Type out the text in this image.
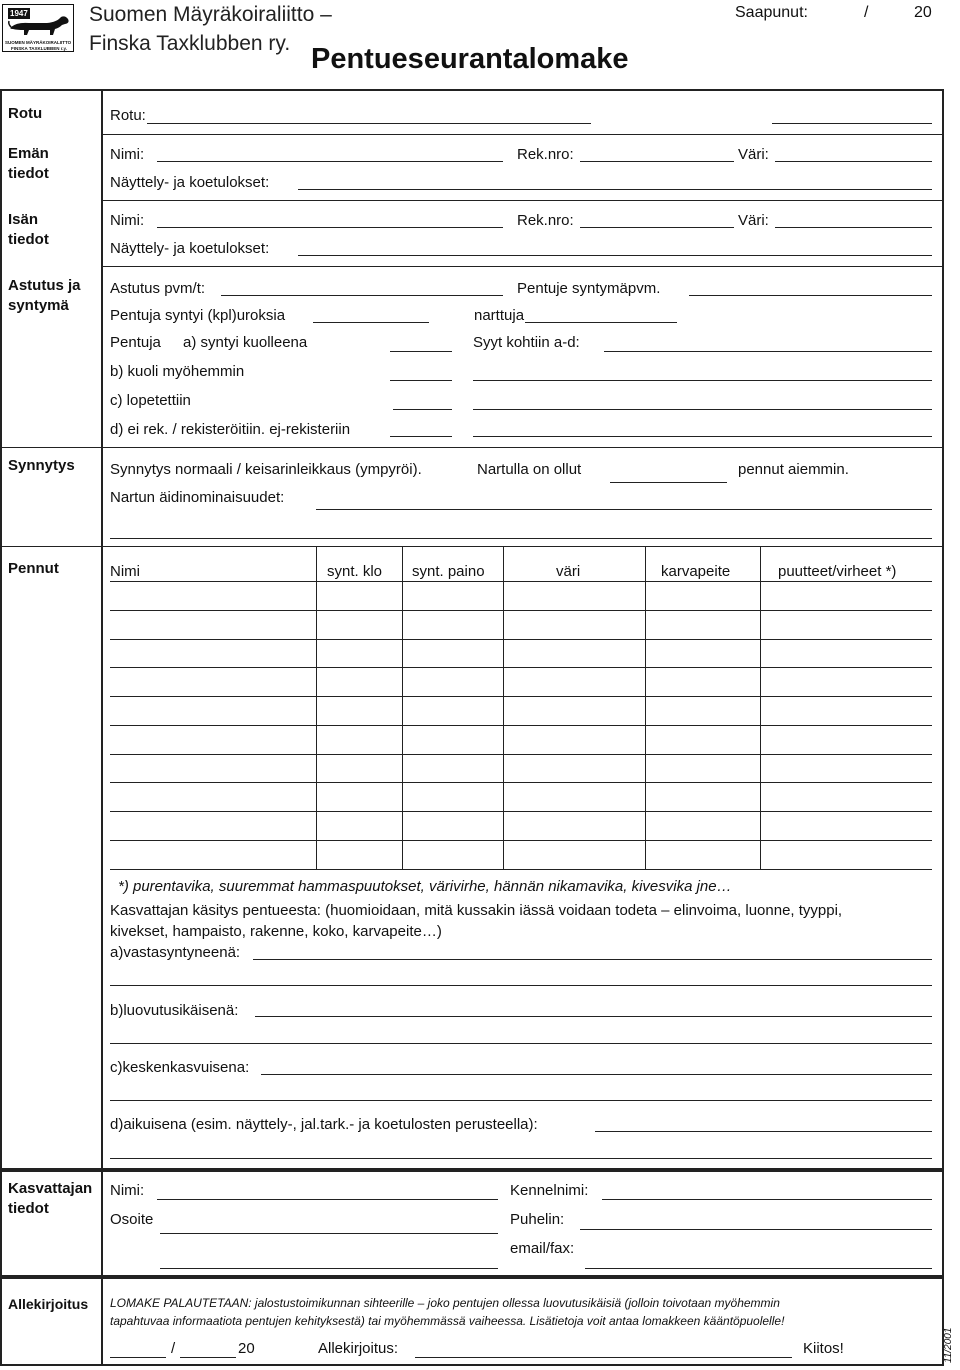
1947
SUOMEN MÄYRÄKOIRALIITTO
FINSKA TAXKLUBBEN r.y.
Suomen Mäyräkoiraliitto –
Finska Taxklubben ry. Pentueseurantalomake
Saapunut:	/	20
Rotu
Emän tiedot
Isän tiedot
Astutus ja syntymä
Synnytys
Pennut
Rotu:
Nimi:	Rek.nro:	Väri:
Näyttely- ja koetulokset:
Nimi:	Rek.nro:	Väri:
Näyttely- ja koetulokset:
Astutus pvm/t:	Pentuje syntymäpvm.
Pentuja syntyi (kpl)uroksia	narttuja
Pentuja a) syntyi kuolleena	Syyt kohtiin a-d:
b) kuoli myöhemmin
c) lopetettiin
d) ei rek. / rekisteröitiin. ej-rekisteriin
Synnytys normaali / keisarinleikkaus (ympyröi).	Nartulla on ollut	pennut aiemmin.
Nartun äidinominaisuudet:
Nimi	synt. klo synt. paino	väri	karvapeite	puutteet/virheet *)
*) purentavika, suuremmat hammaspuutokset, värivirhe, hännän nikamavika, kivesvika jne…
Kasvattajan käsitys pentueesta: (huomioidaan, mitä kussakin iässä voidaan todeta – elinvoima, luonne, tyyppi,
kivekset, hampaisto, rakenne, koko, karvapeite…)
a)vastasyntyneenä:
b)luovutusikäisenä:
c)keskenkasvuisena:
d)aikuisena (esim. näyttely-, jal.tark.- ja koetulosten perusteella):
Kasvattajan tiedot
Nimi:	Kennelnimi:
Osoite	Puhelin:
email/fax:
Allekirjoitus LOMAKE PALAUTETAAN: jalostustoimikunnan sihteerille – joko pentujen ollessa luovutusikäisiä (jolloin toivotaan myöhemmin
tapahtuvaa informaatiota pentujen kehityksestä) tai myöhemmässä vaiheessa. Lisätietoja voit antaa lomakkeen kääntöpuolelle!
/	20	Allekirjoitus:	Kiitos!	11/2001
